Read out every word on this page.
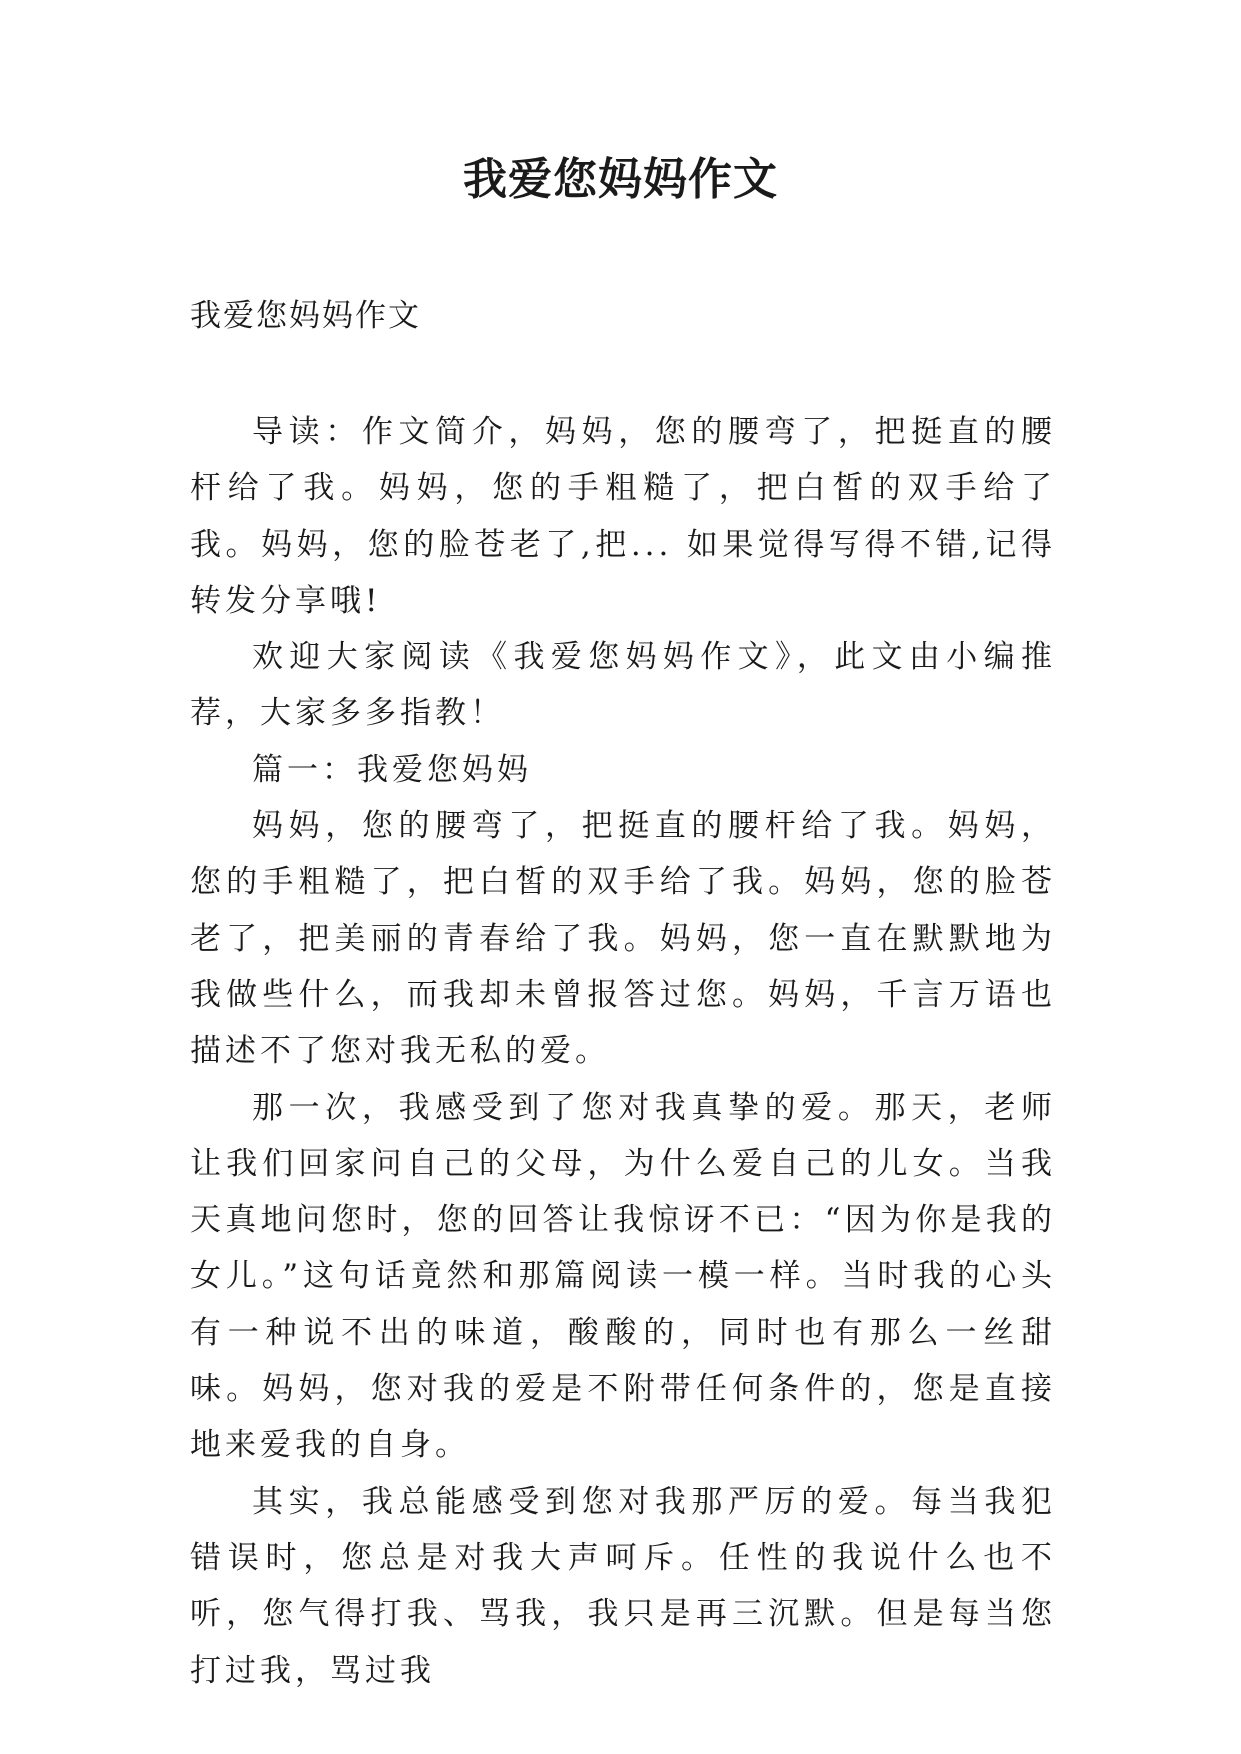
我爱您妈妈作文

我爱您妈妈作文

导读：作文简介，妈妈，您的腰弯了，把挺直的腰杆给了我。妈妈，您的手粗糙了，把白皙的双手给了我。妈妈，您的脸苍老了,把... 如果觉得写得不错,记得转发分享哦!

欢迎大家阅读《我爱您妈妈作文》，此文由小编推荐，大家多多指教！

篇一：我爱您妈妈

妈妈，您的腰弯了，把挺直的腰杆给了我。妈妈，您的手粗糙了，把白皙的双手给了我。妈妈，您的脸苍老了，把美丽的青春给了我。妈妈，您一直在默默地为我做些什么，而我却未曾报答过您。妈妈，千言万语也描述不了您对我无私的爱。

那一次，我感受到了您对我真挚的爱。那天，老师让我们回家问自己的父母，为什么爱自己的儿女。当我天真地问您时，您的回答让我惊讶不已：“因为你是我的女儿。”这句话竟然和那篇阅读一模一样。当时我的心头有一种说不出的味道，酸酸的，同时也有那么一丝甜味。妈妈，您对我的爱是不附带任何条件的，您是直接地来爱我的自身。

其实，我总能感受到您对我那严厉的爱。每当我犯错误时，您总是对我大声呵斥。任性的我说什么也不听，您气得打我、骂我，我只是再三沉默。但是每当您打过我，骂过我
